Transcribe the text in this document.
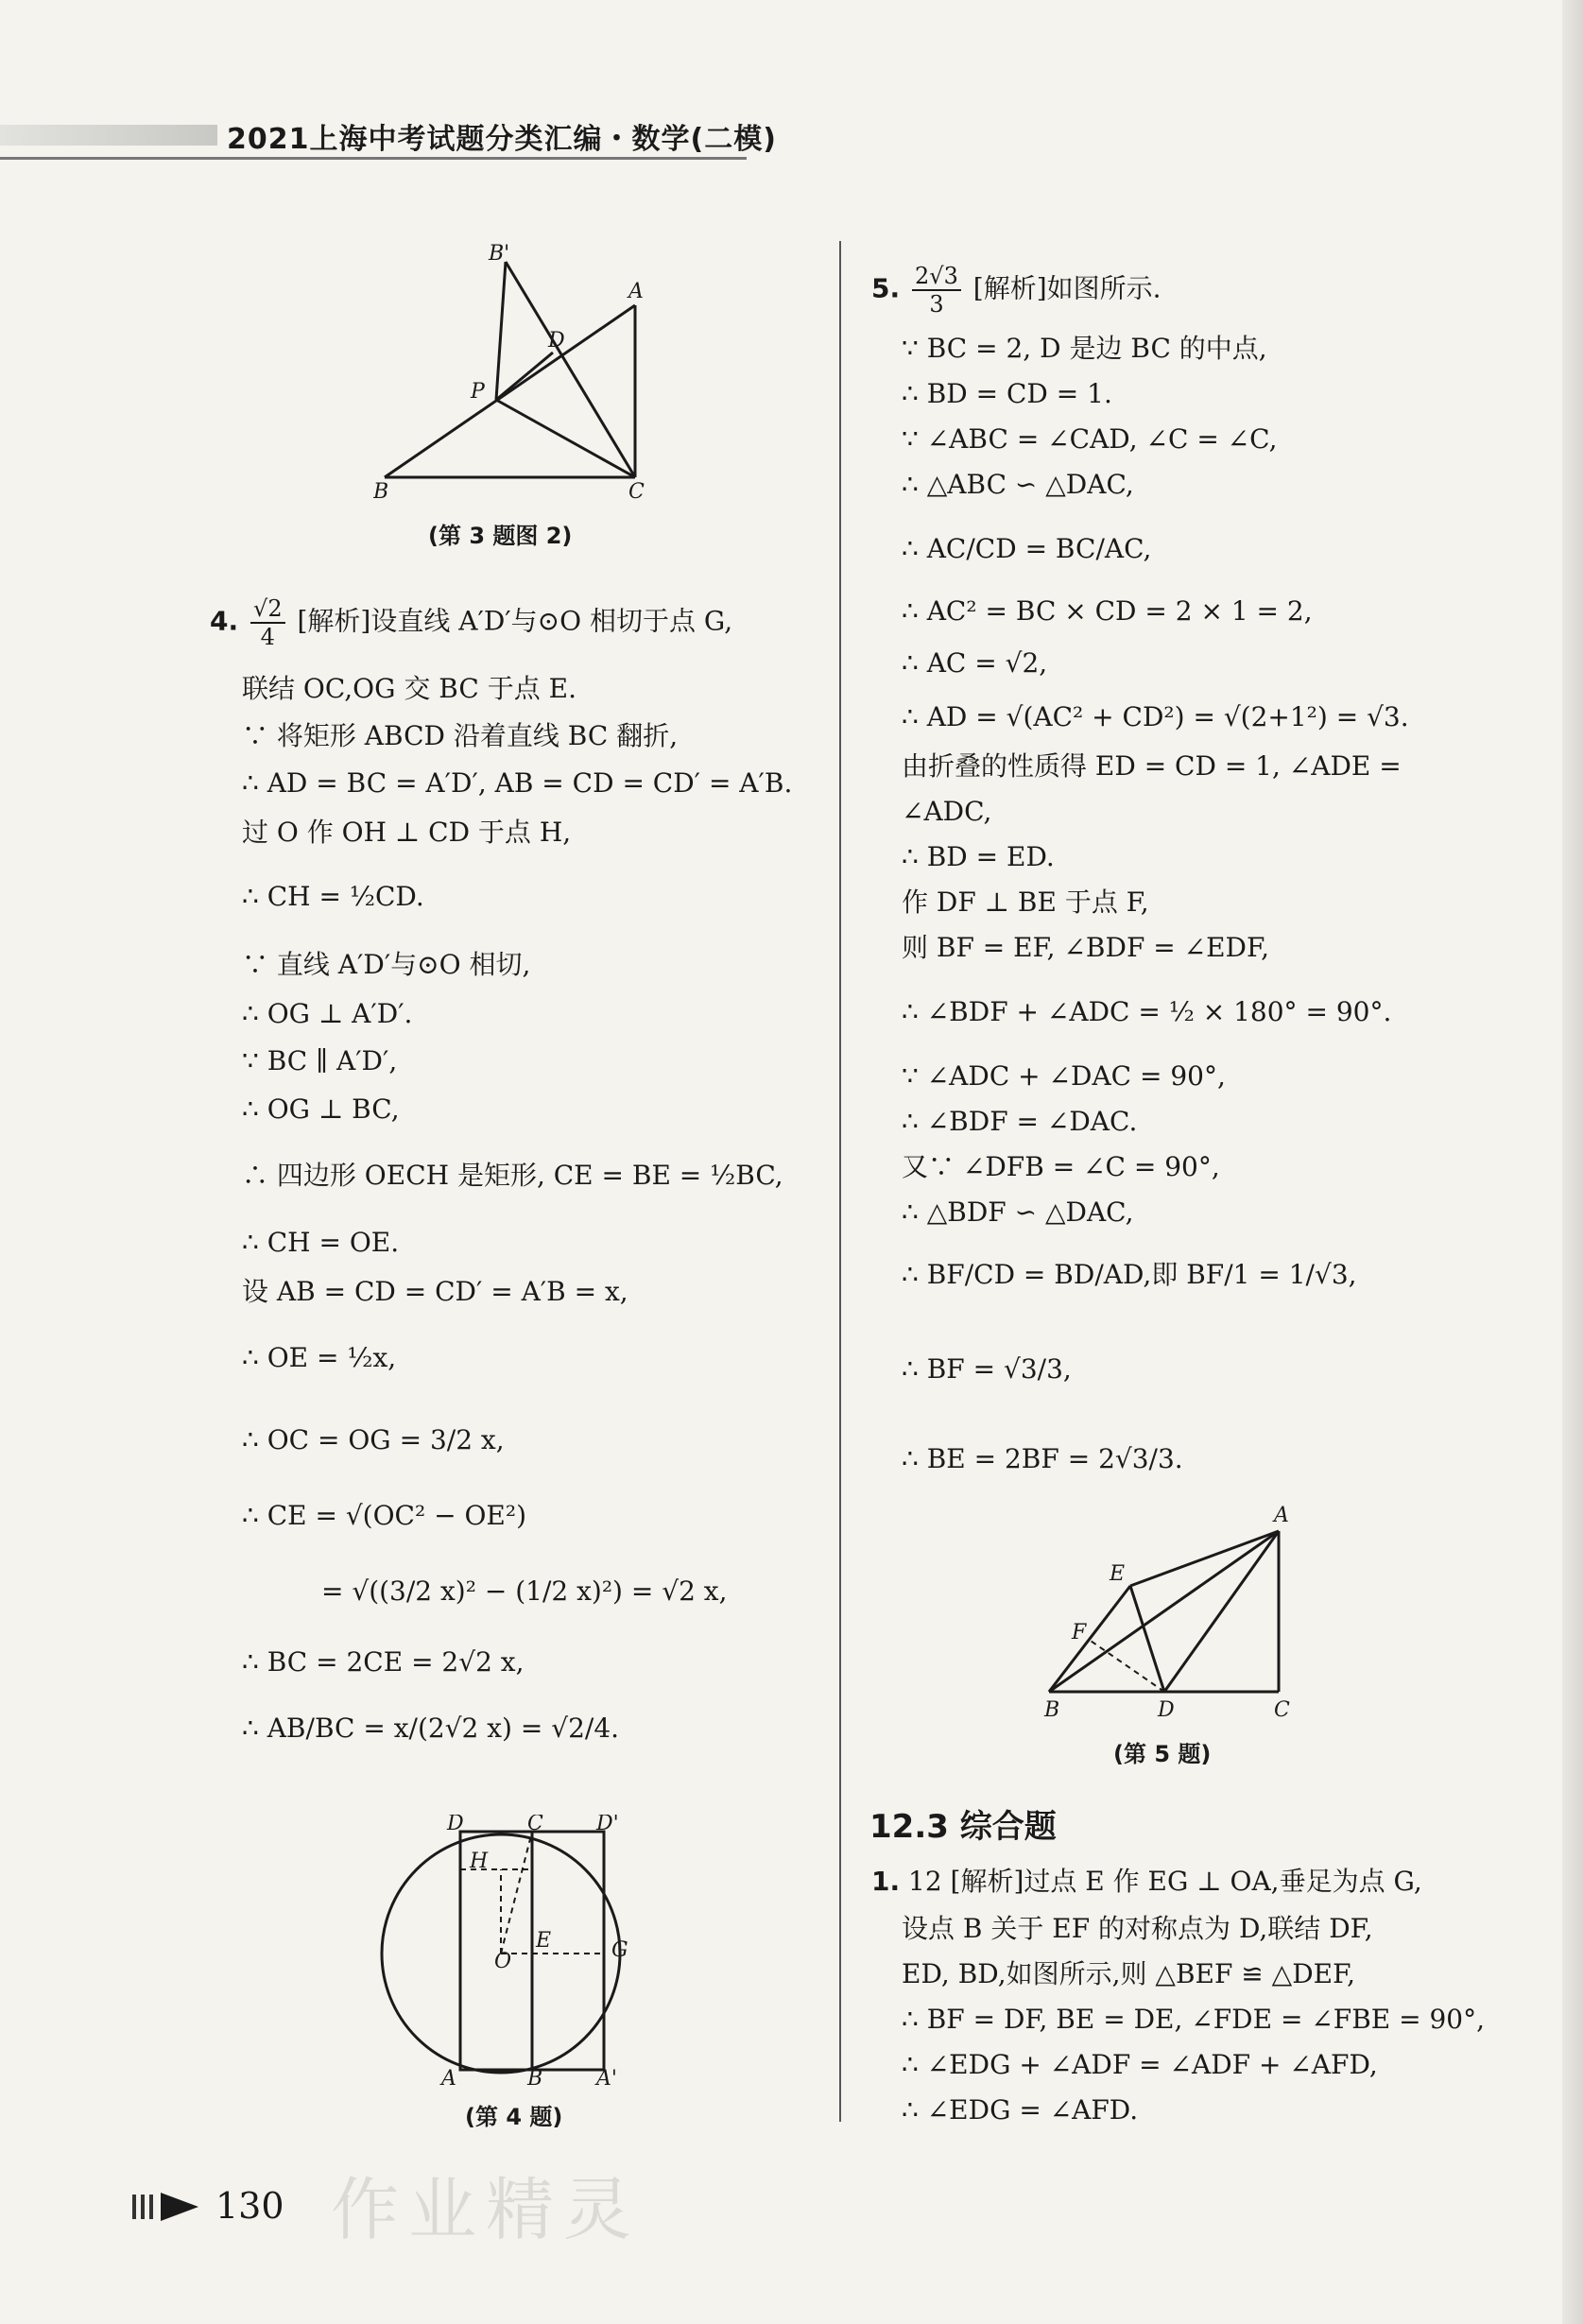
2021上海中考试题分类汇编・数学(二模)
B'
A
D
P
B	C
(第 3 题图 2)
4. $\frac{√2}{4}$ [解析]设直线 A′D′与⊙O 相切于点 G,
联结 OC,OG 交 BC 于点 E.
∵ 将矩形 ABCD 沿着直线 BC 翻折,
∴ AD = BC = A′D′, AB = CD = CD′ = A′B.
过 O 作 OH ⊥ CD 于点 H,
∴ CH = ½CD.
∵ 直线 A′D′与⊙O 相切,
∴ OG ⊥ A′D′.
∵ BC ∥ A′D′,
∴ OG ⊥ BC,
∴ 四边形 OECH 是矩形, CE = BE = ½BC,
∴ CH = OE.
设 AB = CD = CD′ = A′B = x,
∴ OE = ½x,
∴ OC = OG = 3/2 x,
∴ CE = √(OC² − OE²)
= √((3/2 x)² − (1/2 x)²) = √2 x,
∴ BC = 2CE = 2√2 x,
∴ AB/BC = x/(2√2 x) = √2/4.
D	C	D'
H
E	G
O
A	B	A'
(第 4 题)
5. $\frac{2√3}{3}$ [解析]如图所示.
∵ BC = 2, D 是边 BC 的中点,
∴ BD = CD = 1.
∵ ∠ABC = ∠CAD, ∠C = ∠C,
∴ △ABC ∽ △DAC,
∴ AC/CD = BC/AC,
∴ AC² = BC × CD = 2 × 1 = 2,
∴ AC = √2,
∴ AD = √(AC² + CD²) = √(2+1²) = √3.
由折叠的性质得 ED = CD = 1, ∠ADE =
∠ADC,
∴ BD = ED.
作 DF ⊥ BE 于点 F,
则 BF = EF, ∠BDF = ∠EDF,
∴ ∠BDF + ∠ADC = ½ × 180° = 90°.
∵ ∠ADC + ∠DAC = 90°,
∴ ∠BDF = ∠DAC.
又∵ ∠DFB = ∠C = 90°,
∴ △BDF ∽ △DAC,
∴ BF/CD = BD/AD,即 BF/1 = 1/√3,
∴ BF = √3/3,
∴ BE = 2BF = 2√3/3.
A
E
F
B	D	C
(第 5 题)
12.3 综合题
1. 12 [解析]过点 E 作 EG ⊥ OA,垂足为点 G,
设点 B 关于 EF 的对称点为 D,联结 DF,
ED, BD,如图所示,则 △BEF ≌ △DEF,
∴ BF = DF, BE = DE, ∠FDE = ∠FBE = 90°,
∴ ∠EDG + ∠ADF = ∠ADF + ∠AFD,
∴ ∠EDG = ∠AFD.
130 作业精灵
